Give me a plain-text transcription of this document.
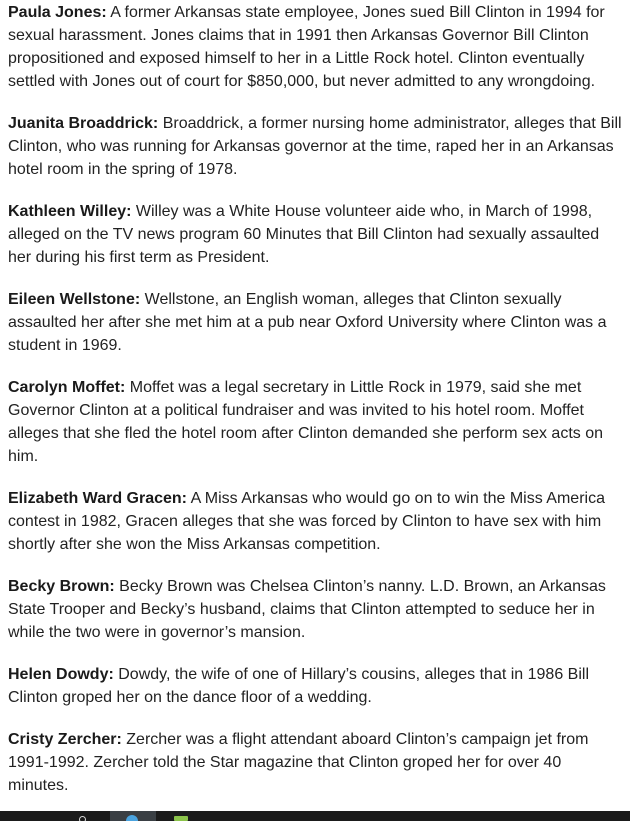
Paula Jones: A former Arkansas state employee, Jones sued Bill Clinton in 1994 for sexual harassment. Jones claims that in 1991 then Arkansas Governor Bill Clinton propositioned and exposed himself to her in a Little Rock hotel. Clinton eventually settled with Jones out of court for $850,000, but never admitted to any wrongdoing.

Juanita Broaddrick: Broaddrick, a former nursing home administrator, alleges that Bill Clinton, who was running for Arkansas governor at the time, raped her in an Arkansas hotel room in the spring of 1978.

Kathleen Willey: Willey was a White House volunteer aide who, in March of 1998, alleged on the TV news program 60 Minutes that Bill Clinton had sexually assaulted her during his first term as President.

Eileen Wellstone: Wellstone, an English woman, alleges that Clinton sexually assaulted her after she met him at a pub near Oxford University where Clinton was a student in 1969.

Carolyn Moffet: Moffet was a legal secretary in Little Rock in 1979, said she met Governor Clinton at a political fundraiser and was invited to his hotel room. Moffet alleges that she fled the hotel room after Clinton demanded she perform sex acts on him.

Elizabeth Ward Gracen: A Miss Arkansas who would go on to win the Miss America contest in 1982, Gracen alleges that she was forced by Clinton to have sex with him shortly after she won the Miss Arkansas competition.

Becky Brown: Becky Brown was Chelsea Clinton’s nanny. L.D. Brown, an Arkansas State Trooper and Becky’s husband, claims that Clinton attempted to seduce her in while the two were in governor’s mansion.

Helen Dowdy: Dowdy, the wife of one of Hillary’s cousins, alleges that in 1986 Bill Clinton groped her on the dance floor of a wedding.

Cristy Zercher: Zercher was a flight attendant aboard Clinton’s campaign jet from 1991-1992. Zercher told the Star magazine that Clinton groped her for over 40 minutes.
